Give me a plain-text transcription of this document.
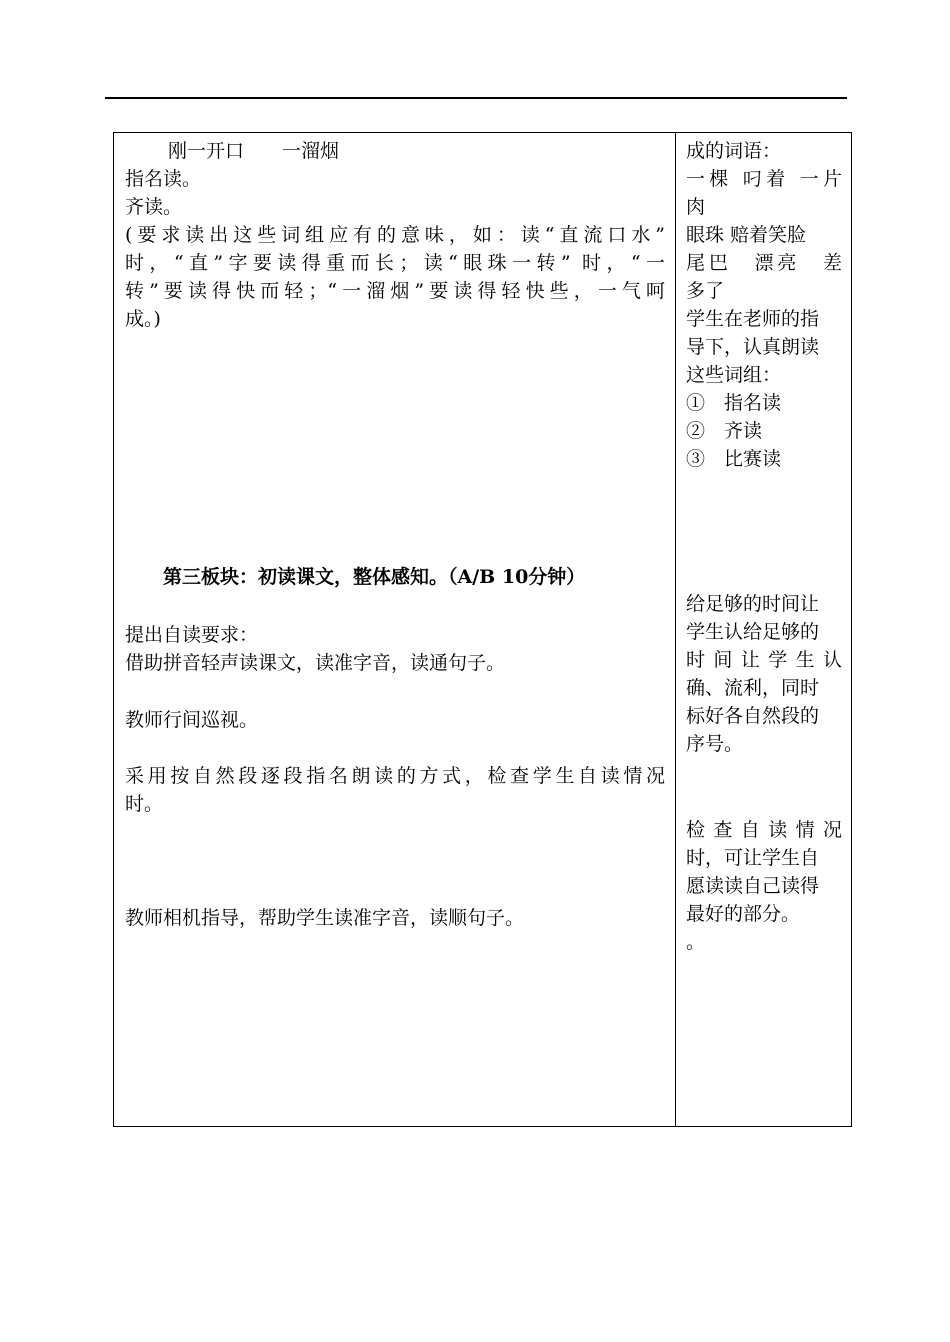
刚一开口　　一溜烟
指名读。
齐读。
(要求读出这些词组应有的意味，如：读“直流口水”
时，“直”字要读得重而长；读“眼珠一转” 时，“一
转”要读得快而轻；“一溜烟”要读得轻快些，一气呵
成。)
第三板块：初读课文，整体感知。（A/B 10分钟）
提出自读要求：
借助拼音轻声读课文，读准字音，读通句子。
教师行间巡视。
采用按自然段逐段指名朗读的方式，检查学生自读情况
时。
教师相机指导，帮助学生读准字音，读顺句子。
成的词语：
一棵 叼着 一片
肉
眼珠 赔着笑脸
尾巴　漂亮　差
多了
学生在老师的指
导下，认真朗读
这些词组：
①　指名读
②　齐读
③　比赛读
给足够的时间让
学生认给足够的
时 间 让 学 生 认
确、流利，同时
标好各自然段的
序号。
检 查 自 读 情 况
时，可让学生自
愿读读自己读得
最好的部分。
。
